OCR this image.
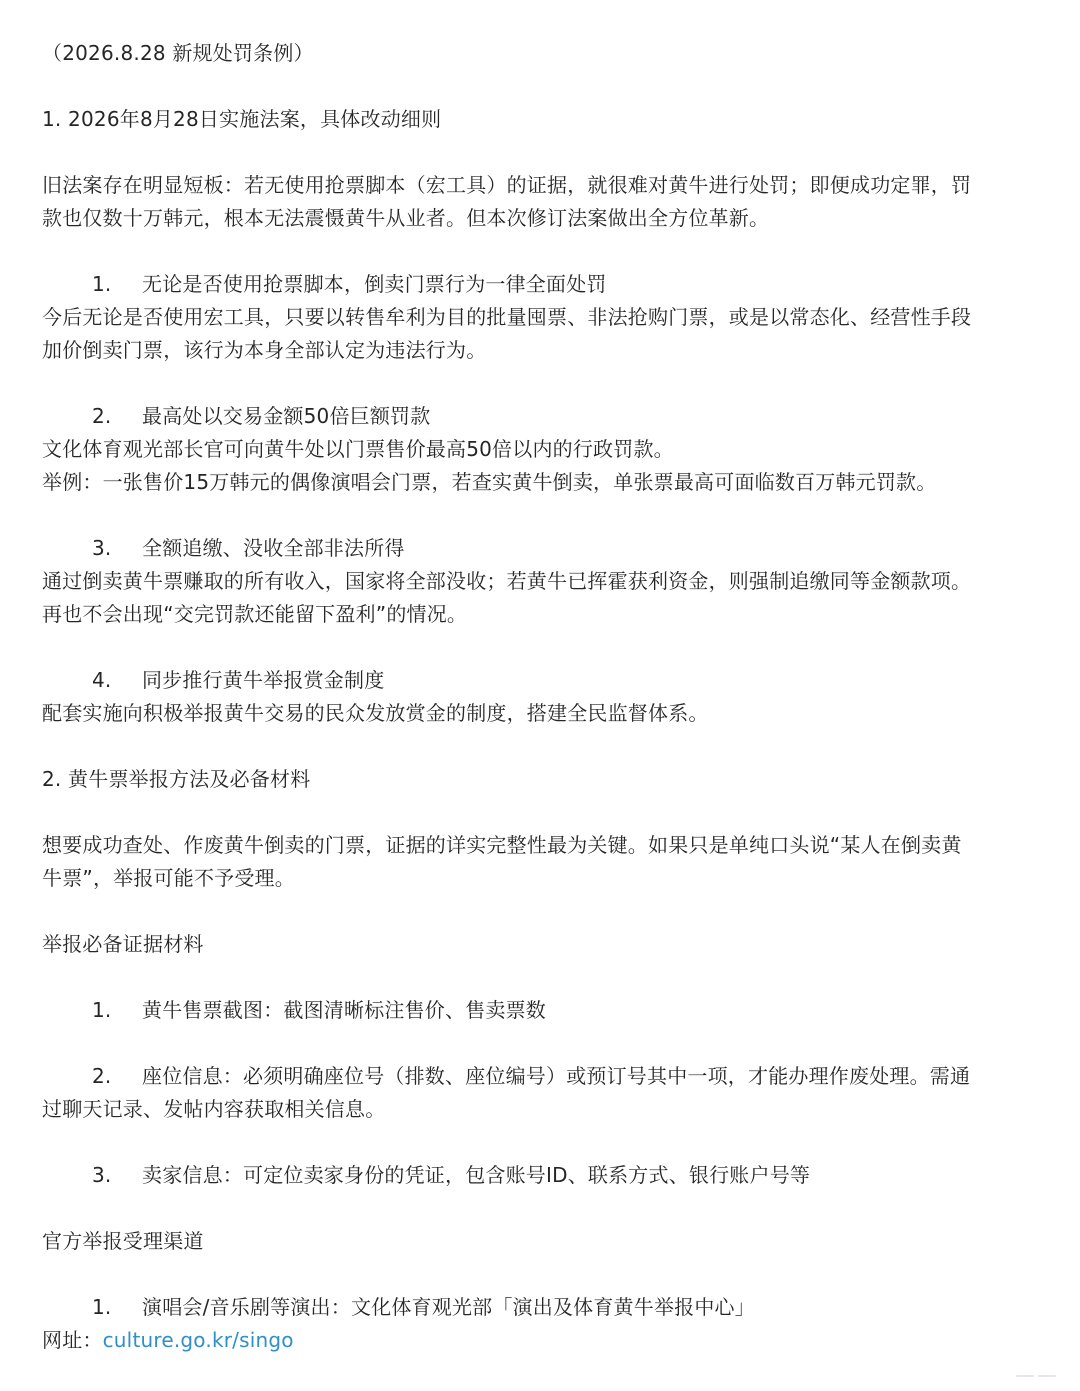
（2026.8.28 新规处罚条例）

1. 2026年8月28日实施法案，具体改动细则

旧法案存在明显短板：若无使用抢票脚本（宏工具）的证据，就很难对黄牛进行处罚；即便成功定罪，罚

款也仅数十万韩元，根本无法震慑黄牛从业者。但本次修订法案做出全方位革新。

1. 无论是否使用抢票脚本，倒卖门票行为一律全面处罚

今后无论是否使用宏工具，只要以转售牟利为目的批量囤票、非法抢购门票，或是以常态化、经营性手段

加价倒卖门票，该行为本身全部认定为违法行为。

2. 最高处以交易金额50倍巨额罚款

文化体育观光部长官可向黄牛处以门票售价最高50倍以内的行政罚款。

举例：一张售价15万韩元的偶像演唱会门票，若查实黄牛倒卖，单张票最高可面临数百万韩元罚款。

3. 全额追缴、没收全部非法所得

通过倒卖黄牛票赚取的所有收入，国家将全部没收；若黄牛已挥霍获利资金，则强制追缴同等金额款项。

再也不会出现“交完罚款还能留下盈利”的情况。

4. 同步推行黄牛举报赏金制度

配套实施向积极举报黄牛交易的民众发放赏金的制度，搭建全民监督体系。

2. 黄牛票举报方法及必备材料

想要成功查处、作废黄牛倒卖的门票，证据的详实完整性最为关键。如果只是单纯口头说“某人在倒卖黄

牛票”，举报可能不予受理。

举报必备证据材料

1. 黄牛售票截图：截图清晰标注售价、售卖票数

2. 座位信息：必须明确座位号（排数、座位编号）或预订号其中一项，才能办理作废处理。需通

过聊天记录、发帖内容获取相关信息。

3. 卖家信息：可定位卖家身份的凭证，包含账号ID、联系方式、银行账户号等

官方举报受理渠道

1. 演唱会/音乐剧等演出：文化体育观光部「演出及体育黄牛举报中心」

网址：culture.go.kr/singo
